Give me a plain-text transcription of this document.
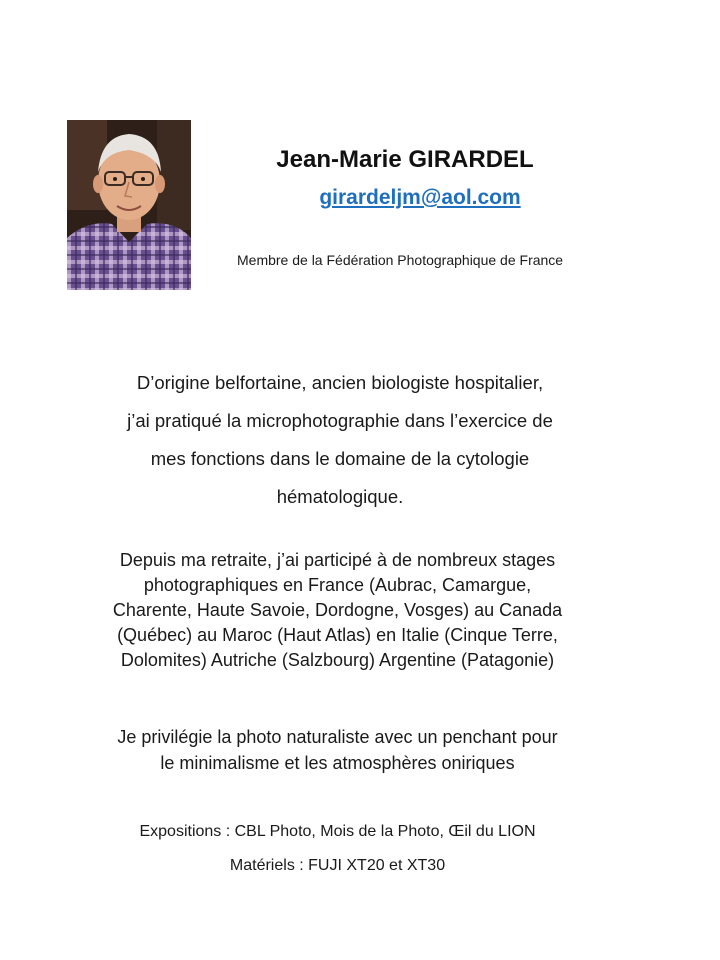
Jean-Marie GIRARDEL
girardeljm@aol.com
Membre de la Fédération Photographique de France

D’origine belfortaine, ancien biologiste hospitalier,
j’ai pratiqué la microphotographie dans l’exercice de
mes fonctions dans le domaine de la cytologie
hématologique.

Depuis ma retraite, j’ai participé à de nombreux stages
photographiques en France (Aubrac, Camargue,
Charente, Haute Savoie, Dordogne, Vosges) au Canada
(Québec) au Maroc (Haut Atlas) en Italie (Cinque Terre,
Dolomites) Autriche (Salzbourg) Argentine (Patagonie)

Je privilégie la photo naturaliste avec un penchant pour
le minimalisme et les atmosphères oniriques

Expositions : CBL Photo, Mois de la Photo, Œil du LION
Matériels : FUJI XT20 et XT30
